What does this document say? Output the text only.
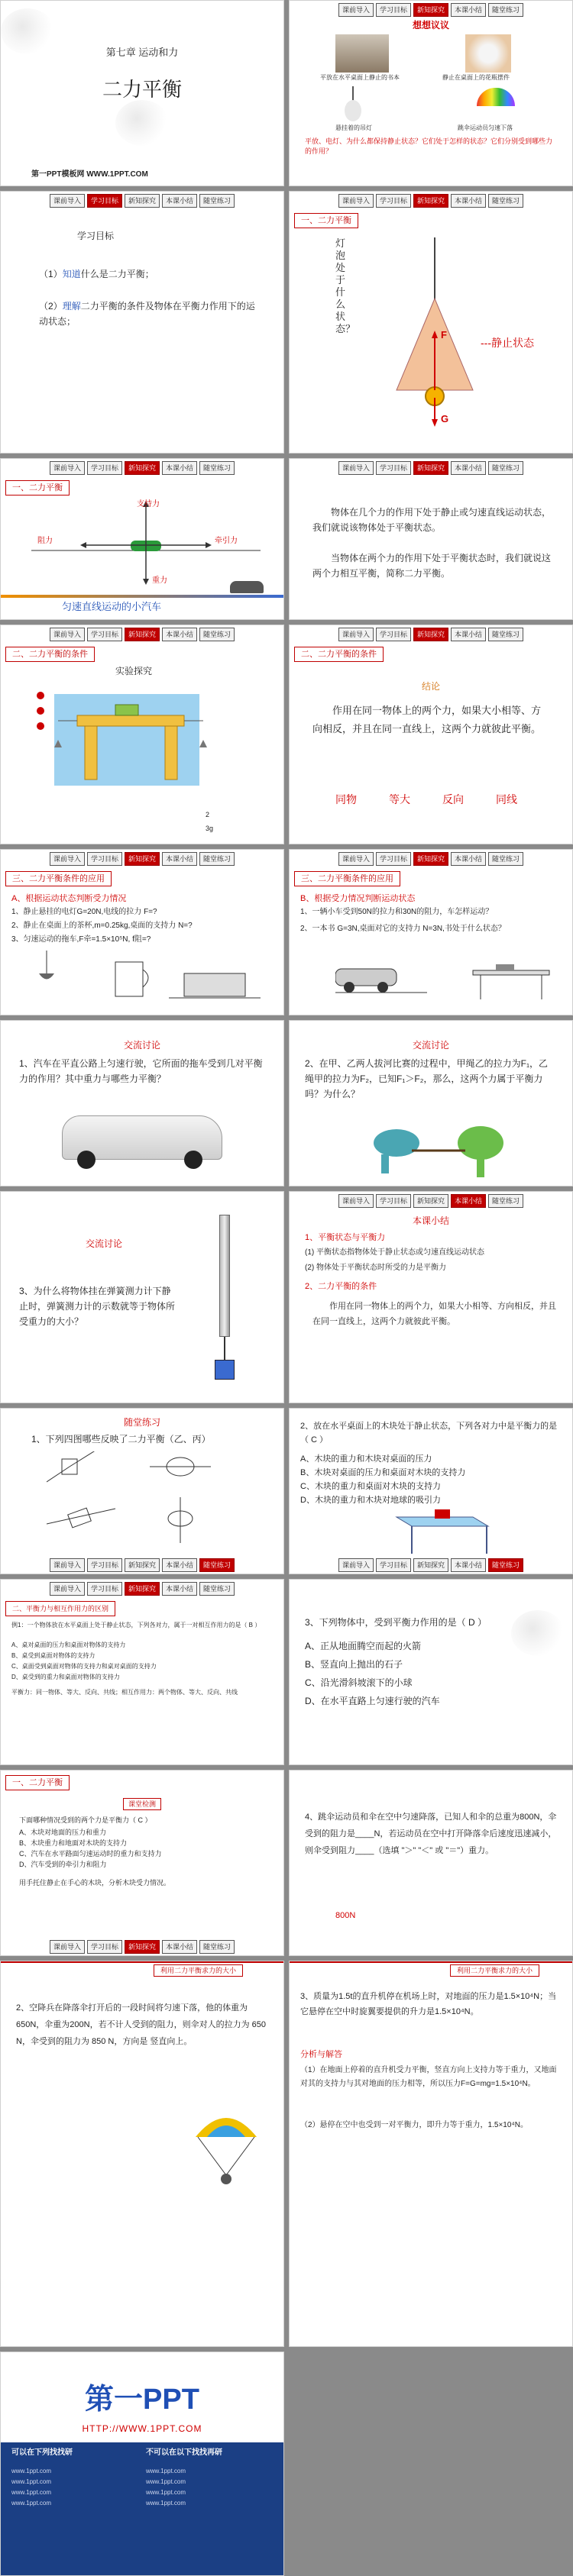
第七章 运动和力
二力平衡
第一PPT模板网 WWW.1PPT.COM
课前导入	学习目标	新知探究	本课小结	随堂练习
想想议议
平放在水平桌面上静止的书本	静止在桌面上的花瓶摆件
悬挂着的吊灯	跳伞运动员匀速下落
平放、电灯、为什么都保持静止状态？它们处于怎样的状态？它们分别受到哪些力的作用？
课前导入	学习目标	新知探究	本课小结	随堂练习
学习目标
（1）知道什么是二力平衡；
（2）理解二力平衡的条件及物体在平衡力作用下的运动状态；
课前导入	学习目标	新知探究	本课小结	随堂练习
一、二力平衡
灯泡处于什么状态？
F
G
---静止状态
课前导入	学习目标	新知探究	本课小结	随堂练习
一、二力平衡
支持力
阻力	牵引力
重力
匀速直线运动的小汽车
课前导入	学习目标	新知探究	本课小结	随堂练习
物体在几个力的作用下处于静止或匀速直线运动状态，我们就说该物体处于平衡状态。
当物体在两个力的作用下处于平衡状态时，我们就说这两个力相互平衡，简称二力平衡。
课前导入	学习目标	新知探究	本课小结	随堂练习
二、二力平衡的条件
实验探究
2
3g
课前导入	学习目标	新知探究	本课小结	随堂练习
二、二力平衡的条件
结论
作用在同一物体上的两个力，如果大小相等、方向相反，并且在同一直线上，这两个力就彼此平衡。
同物	等大	反向	同线
课前导入	学习目标	新知探究	本课小结	随堂练习
三、二力平衡条件的应用
A、根据运动状态判断受力情况
1、静止悬挂的电灯G=20N,电线的拉力 F=?
2、静止在桌面上的茶杯,m=0.25kg,桌面的支持力 N=?
3、匀速运动的拖车,F牵=1.5×10⁵N, f阻=?
课前导入	学习目标	新知探究	本课小结	随堂练习
三、二力平衡条件的应用
B、根据受力情况判断运动状态
1、一辆小车受到50N的拉力和30N的阻力，车怎样运动？
2、一本书 G=3N,桌面对它的支持力 N=3N,书处于什么状态？
交流讨论
1、汽车在平直公路上匀速行驶，它所面的拖车受到几对平衡力的作用？其中重力与哪些力平衡？
交流讨论
2、在甲、乙两人拔河比赛的过程中，甲绳乙的拉力为F₁，乙绳甲的拉力为F₂，已知F₁＞F₂，那么，这两个力属于平衡力吗？为什么？
交流讨论
3、为什么将物体挂在弹簧测力计下静止时，弹簧测力计的示数就等于物体所受重力的大小？
课前导入	学习目标	新知探究	本课小结	随堂练习
本课小结
1、平衡状态与平衡力
(1) 平衡状态指物体处于静止状态或匀速直线运动状态
(2) 物体处于平衡状态时所受的力是平衡力
2、二力平衡的条件
作用在同一物体上的两个力，如果大小相等、方向相反，并且在同一直线上，这两个力就彼此平衡。
课前导入	学习目标	新知探究	本课小结	随堂练习
随堂练习
1、下列四图哪些反映了二力平衡（乙、丙）
课前导入	学习目标	新知探究	本课小结	随堂练习
2、放在水平桌面上的木块处于静止状态，下列各对力中是平衡力的是（ C ）
A、木块的重力和木块对桌面的压力
B、木块对桌面的压力和桌面对木块的支持力
C、木块的重力和桌面对木块的支持力
D、木块的重力和木块对地球的吸引力
课前导入	学习目标	新知探究	本课小结	随堂练习
二、平衡力与相互作用力的区别
例1：一个物体放在水平桌面上处于静止状态，下列各对力，属于一对相互作用力的是（ B ）
A、桌对桌面的压力和桌面对物体的支持力
B、桌受到桌面对物体的支持力
C、桌面受到桌面对物体的支持力和桌对桌面的支持力
D、桌受到的重力和桌面对物体的支持力
平衡力：同一物体、等大、反向、共线；相互作用力：两个物体、等大、反向、共线
3、下列物体中，受到平衡力作用的是（ D ）
A、正从地面腾空而起的火箭
B、竖直向上抛出的石子
C、沿光滑斜坡滚下的小球
D、在水平直路上匀速行驶的汽车
课前导入	学习目标	新知探究	本课小结	随堂练习
一、二力平衡
课堂检测
下面哪种情况受到的两个力是平衡力（ C ）
A、木块对地面的压力和重力
B、木块重力和地面对木块的支持力
C、汽车在水平路面匀速运动时的重力和支持力
D、汽车受到的牵引力和阻力
用手托住静止在手心的木块，分析木块受力情况。
4、跳伞运动员和伞在空中匀速降落，已知人和伞的总重为800N，伞受到的阻力是____N，若运动员在空中打开降落伞后速度迅速减小，则伞受到阻力____（选填 "＞" "＜" 或 "＝"）重力。
800N
利用二力平衡求力的大小
2、空降兵在降落伞打开后的一段时间将匀速下落，他的体重为650N，伞重为200N，若不计人受到的阻力，则伞对人的拉力为 650 N，伞受到的阻力为 850 N，方向是 竖直向上。
利用二力平衡求力的大小
3、质量为1.5t的直升机停在机场上时，对地面的压力是1.5×10⁴N；当它悬停在空中时旋翼要提供的升力是1.5×10⁴N。
分析与解答
（1）在地面上停着的直升机受力平衡，竖直方向上支持力等于重力，又地面对其的支持力与其对地面的压力相等，所以压力F=G=mg=1.5×10⁴N。
（2）悬停在空中也受到一对平衡力，即升力等于重力，1.5×10⁴N。
第一PPT
HTTP://WWW.1PPT.COM
可以在下列找找研	不可以在以下找找再研
www.1ppt.com
www.1ppt.com
www.1ppt.com
www.1ppt.com
www.1ppt.com
www.1ppt.com
www.1ppt.com
www.1ppt.com
